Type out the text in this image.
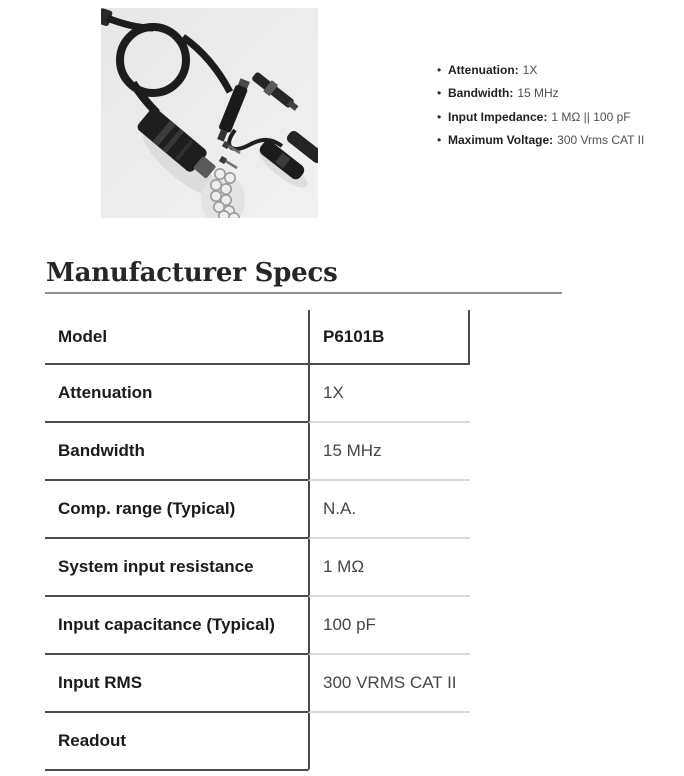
• Attenuation: 1X
• Bandwidth: 15 MHz
• Input Impedance: 1 MΩ || 100 pF
• Maximum Voltage: 300 Vrms CAT II
Manufacturer Specs
Model	P6101B
Attenuation	1X
Bandwidth	15 MHz
Comp. range (Typical)	N.A.
System input resistance	1 MΩ
Input capacitance (Typical)	100 pF
Input RMS	300 VRMS CAT II
Readout
